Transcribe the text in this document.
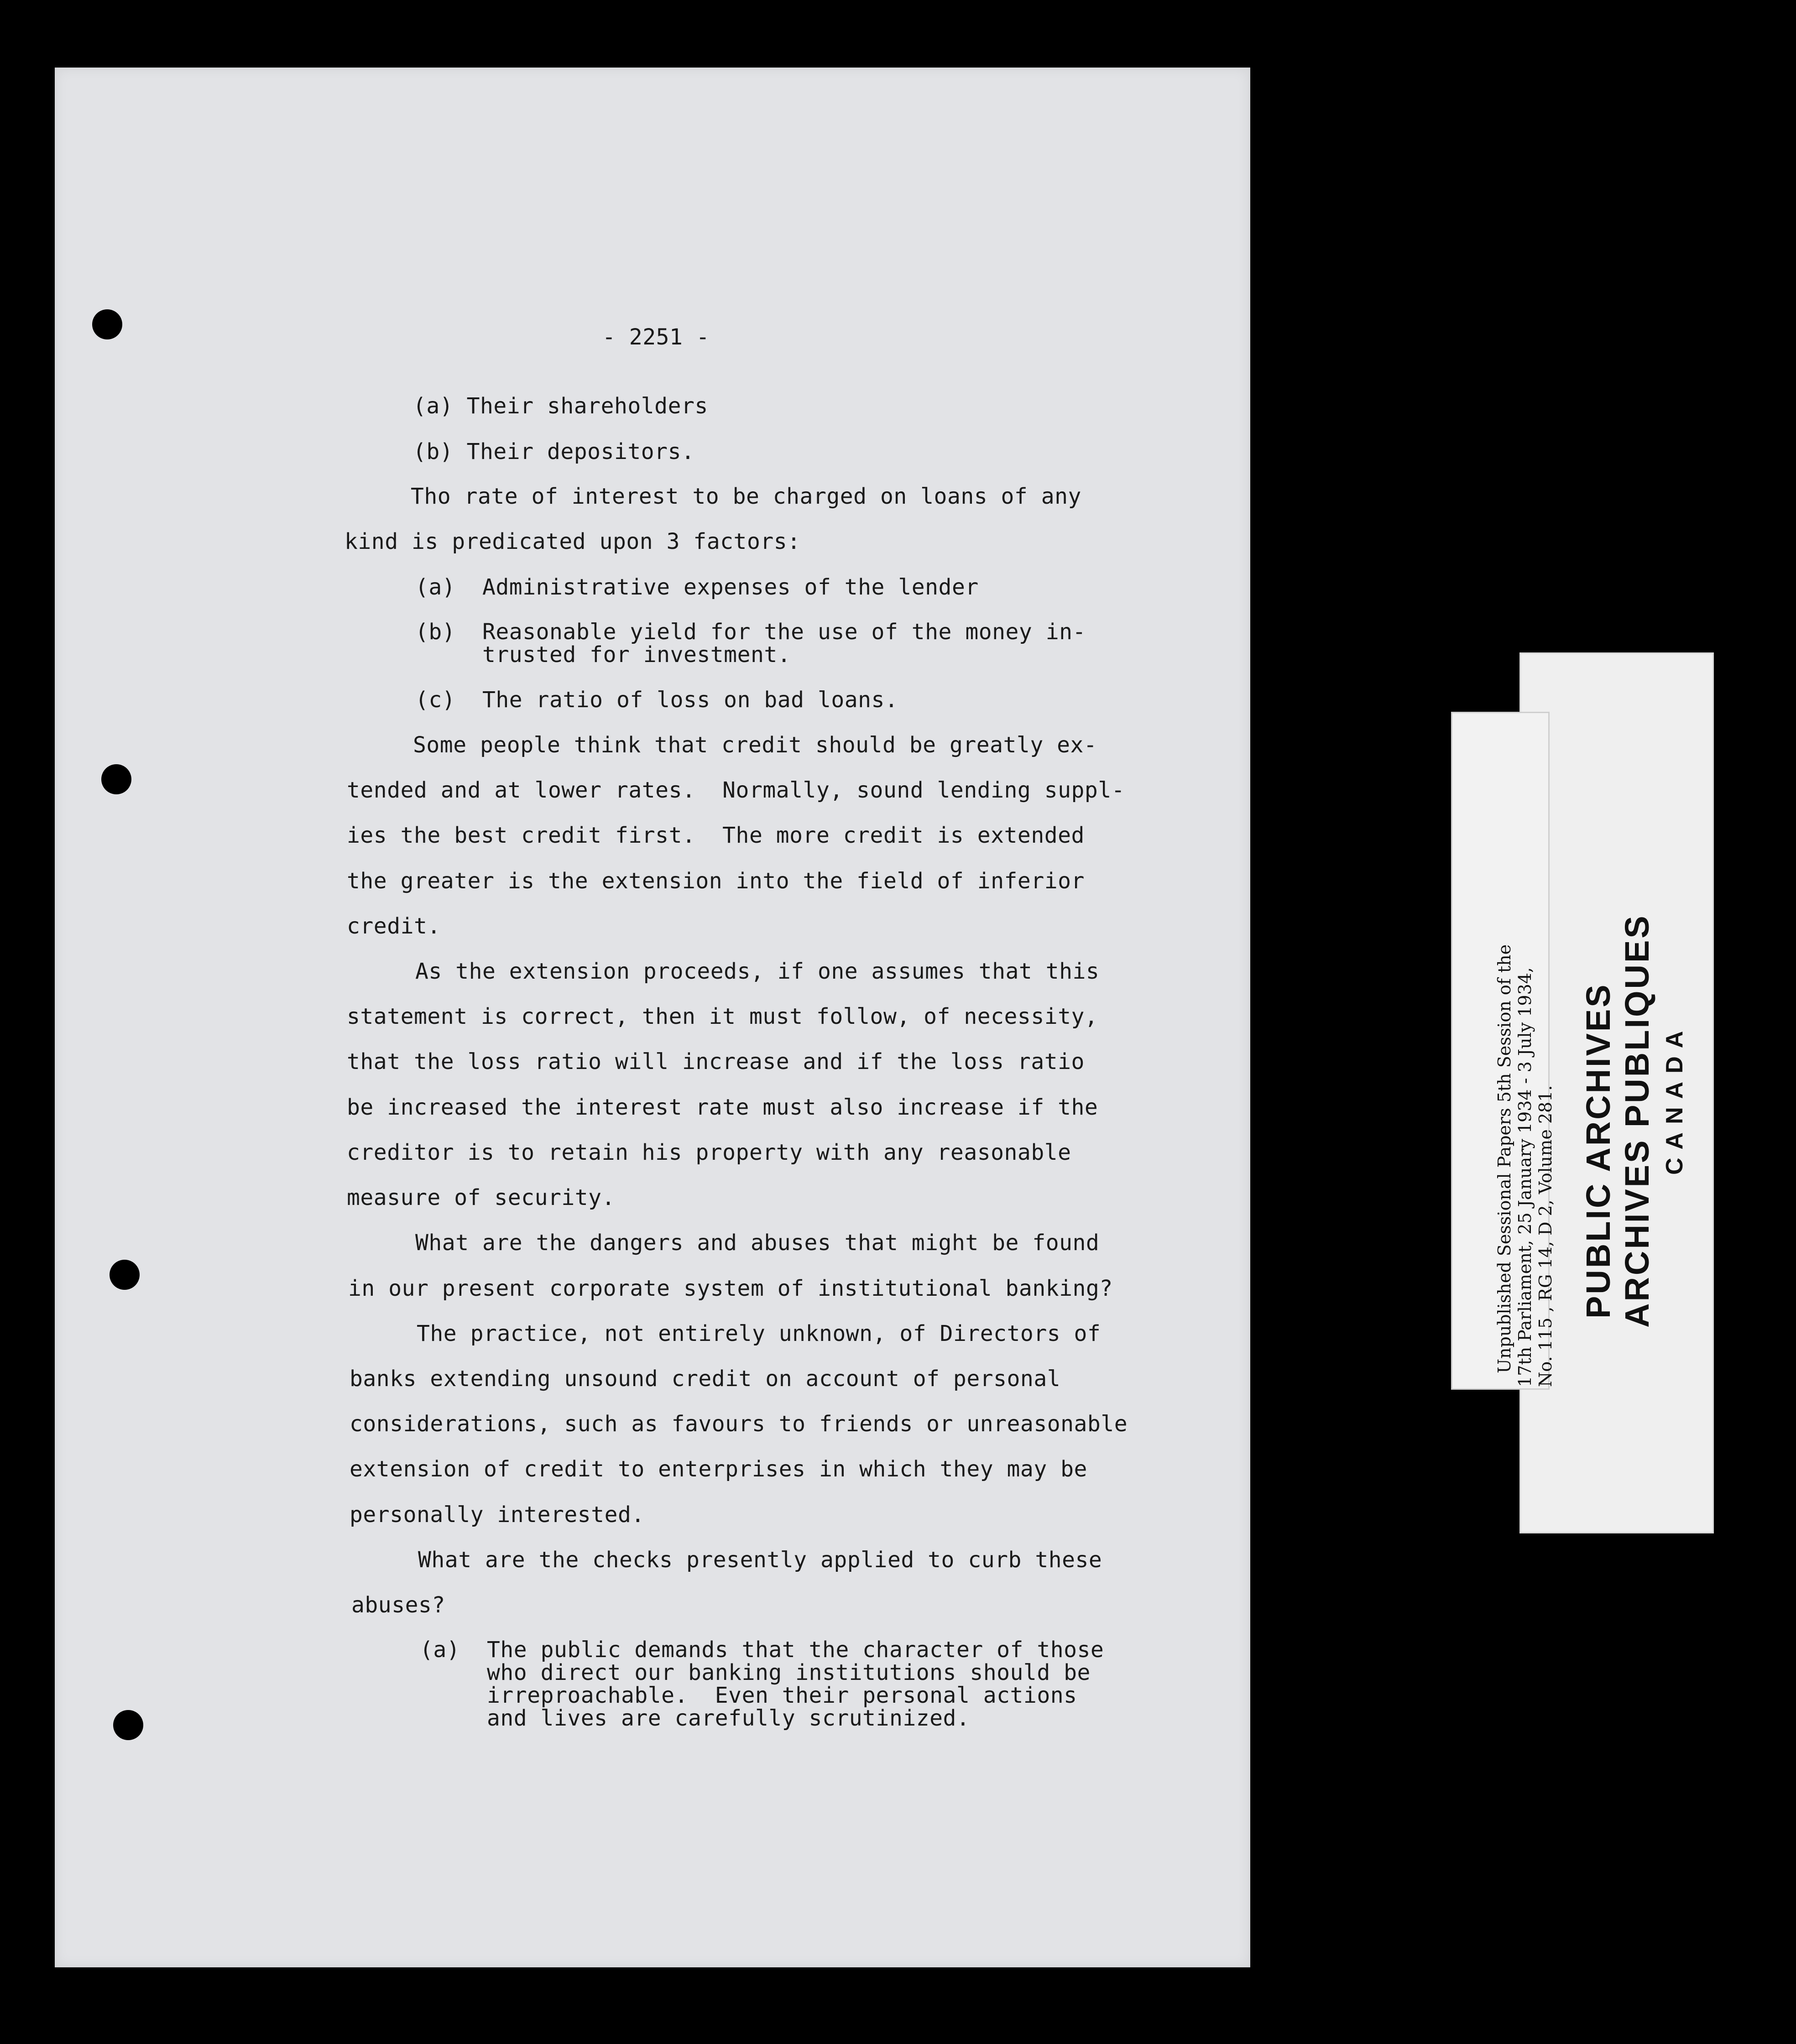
- 2251 -
(a) Their shareholders
(b) Their depositors.
Tho rate of interest to be charged on loans of any
kind is predicated upon 3 factors:
(a)  Administrative expenses of the lender
(b)  Reasonable yield for the use of the money in-
trusted for investment.
(c)  The ratio of loss on bad loans.
Some people think that credit should be greatly ex-
tended and at lower rates.  Normally, sound lending suppl-
ies the best credit first.  The more credit is extended
the greater is the extension into the field of inferior
credit.
As the extension proceeds, if one assumes that this
statement is correct, then it must follow, of necessity,
that the loss ratio will increase and if the loss ratio
be increased the interest rate must also increase if the
creditor is to retain his property with any reasonable
measure of security.
What are the dangers and abuses that might be found
in our present corporate system of institutional banking?
The practice, not entirely unknown, of Directors of
banks extending unsound credit on account of personal
considerations, such as favours to friends or unreasonable
extension of credit to enterprises in which they may be
personally interested.
What are the checks presently applied to curb these
abuses?
(a)  The public demands that the character of those
who direct our banking institutions should be
irreproachable.  Even their personal actions
and lives are carefully scrutinized.
Unpublished Sessional Papers 5th Session of the 17th Parliament, 25 January 1934 - 3 July 1934, No. 115 , RG 14, D 2, Volume 281. PUBLIC ARCHIVES ARCHIVES PUBLIQUES CANADA
